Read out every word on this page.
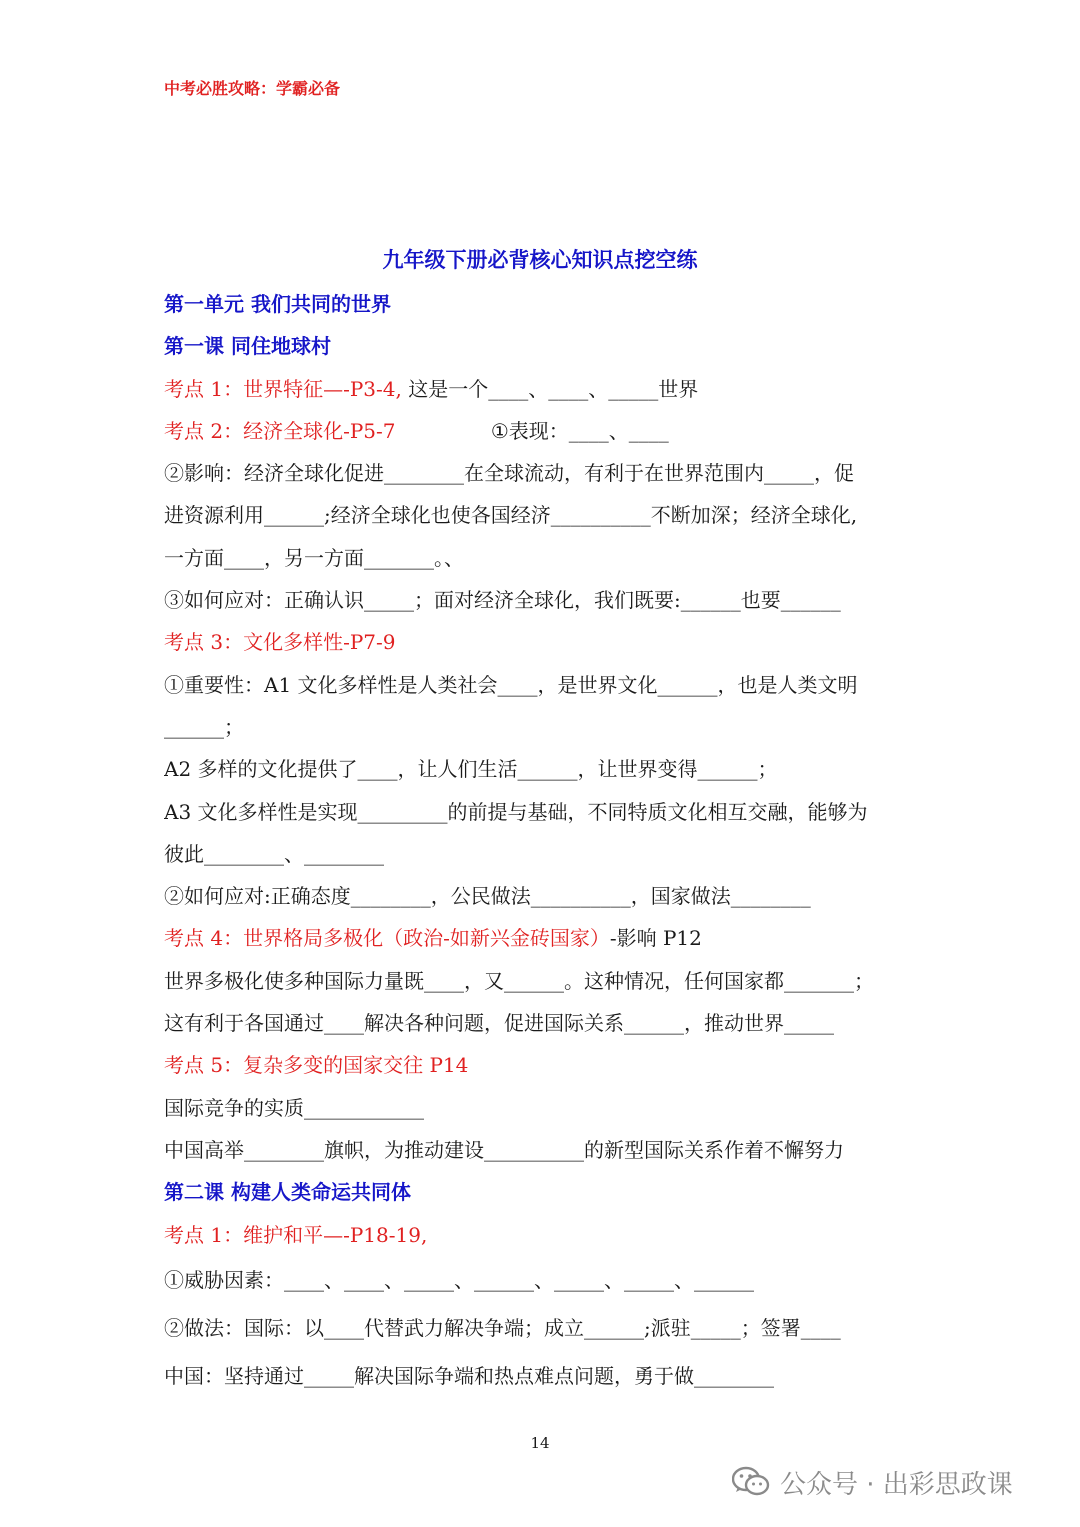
中考必胜攻略：学霸必备
九年级下册必背核心知识点挖空练
第一单元 我们共同的世界
第一课 同住地球村
考点 1：世界特征—-P3-4, 这是一个____、____、_____世界
考点 2：经济全球化-P5-7               ①表现：____、____
②影响：经济全球化促进________在全球流动，有利于在世界范围内_____，促
进资源利用______;经济全球化也使各国经济__________不断加深；经济全球化,
一方面____，另一方面_______。、
③如何应对：正确认识_____；面对经济全球化，我们既要:______也要______
考点 3：文化多样性-P7-9
①重要性：A1 文化多样性是人类社会____，是世界文化______，也是人类文明
______；
A2 多样的文化提供了____，让人们生活______，让世界变得______；
A3 文化多样性是实现_________的前提与基础，不同特质文化相互交融，能够为
彼此________、________
②如何应对:正确态度________，公民做法__________，国家做法________
考点 4：世界格局多极化（政治-如新兴金砖国家）-影响 P12
世界多极化使多种国际力量既____，又______。这种情况，任何国家都_______；
这有利于各国通过____解决各种问题，促进国际关系______，推动世界_____
考点 5：复杂多变的国家交往 P14
国际竞争的实质____________
中国高举________旗帜，为推动建设__________的新型国际关系作着不懈努力
第二课 构建人类命运共同体
考点 1：维护和平—-P18-19,
①威胁因素：____、____、_____、______、_____、_____、______
②做法：国际：以____代替武力解决争端；成立______;派驻_____；签署____
中国：坚持通过_____解决国际争端和热点难点问题，勇于做________
14
公众号 · 出彩思政课
